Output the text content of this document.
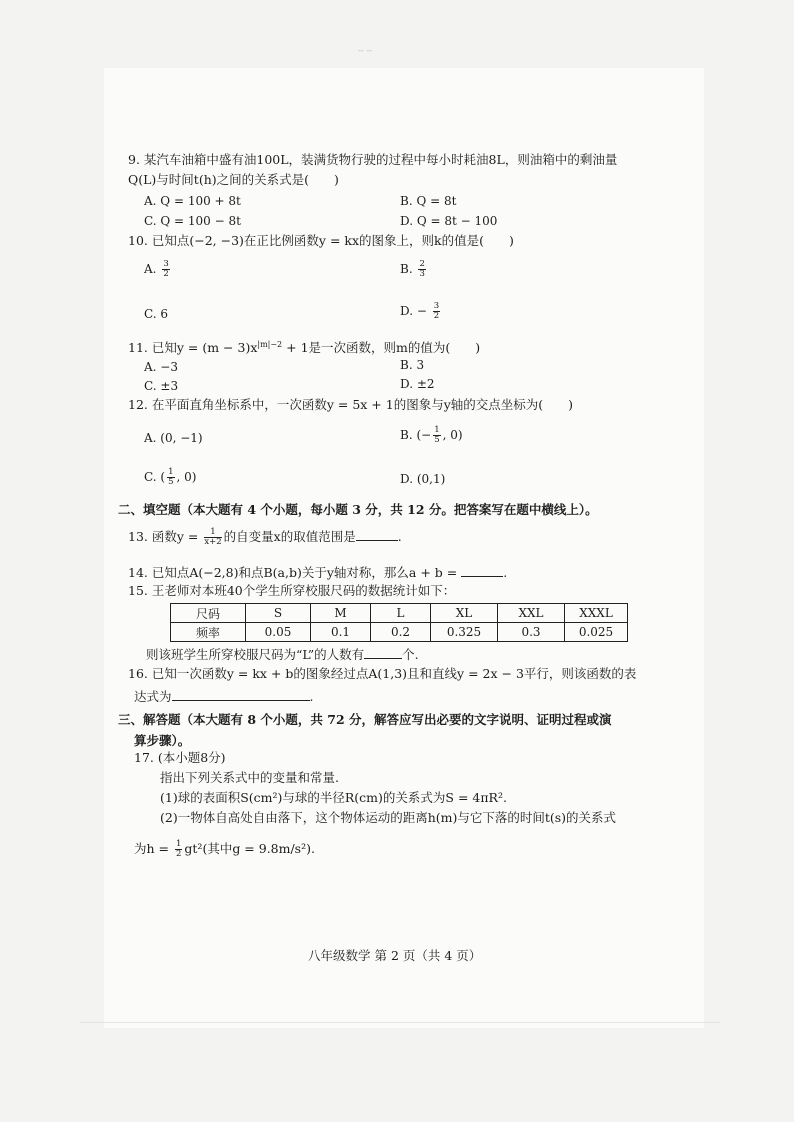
-- --
9. 某汽车油箱中盛有油100L，装满货物行驶的过程中每小时耗油8L，则油箱中的剩油量
Q(L)与时间t(h)之间的关系式是(　　)
A. Q = 100 + 8t	B. Q = 8t
C. Q = 100 − 8t	D. Q = 8t − 100
10. 已知点(−2, −3)在正比例函数y = kx的图象上，则k的值是(　　)
A. $\frac{3}{2}$	B. $\frac{2}{3}$
C. 6	D. − $\frac{3}{2}$
11. 已知$y = (m - 3)x^{|m|-2} + 1$是一次函数，则m的值为(　　)
A. −3	B. 3
C. ±3	D. ±2
12. 在平面直角坐标系中，一次函数y = 5x + 1的图象与y轴的交点坐标为(　　)
A. (0, −1)	B. (− $\frac{1}{5}$ , 0)
C. ( $\frac{1}{5}$ , 0)	D. (0,1)
二、填空题（本大题有 4 个小题，每小题 3 分，共 12 分。把答案写在题中横线上）。
13. 函数$y = \frac{1}{x+2}$ 的自变量x的取值范围是	.
14. 已知点A(−2,8)和点B(a,b)关于y轴对称，那么a + b =	.
15. 王老师对本班40个学生所穿校服尺码的数据统计如下：
尺码	S	M	L	XL	XXL	XXXL
频率	0.05	0.1	0.2	0.325	0.3	0.025
则该班学生所穿校服尺码为“L”的人数有	个.
16. 已知一次函数y = kx + b的图象经过点A(1,3)且和直线y = 2x − 3平行，则该函数的表
达式为	.
三、解答题（本大题有 8 个小题，共 72 分，解答应写出必要的文字说明、证明过程或演
算步骤）。
17. (本小题8分)
指出下列关系式中的变量和常量.
(1)球的表面积S(cm²)与球的半径R(cm)的关系式为S = 4πR².
(2)一物体自高处自由落下，这个物体运动的距离h(m)与它下落的时间t(s)的关系式
为$h = \frac{1}{2} gt^2$(其中g = 9.8m/s²).
八年级数学 第 2 页（共 4 页）
